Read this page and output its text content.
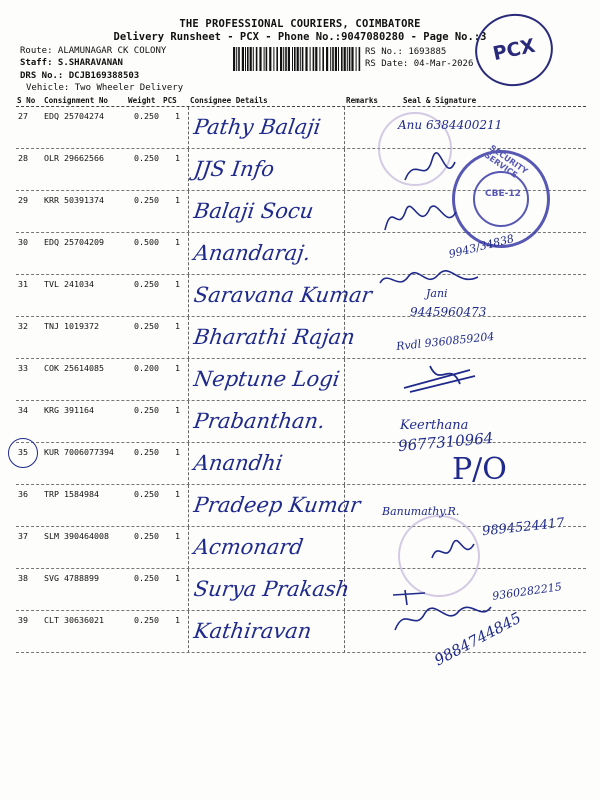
THE PROFESSIONAL COURIERS, COIMBATORE
Delivery Runsheet - PCX - Phone No.:9047080280 - Page No.:3
Route: ALAMUNAGAR CK COLONY
Staff: S.SHARAVANAN
DRS No.: DCJB169388503
Vehicle: Two Wheeler Delivery
RS No.: 1693885
RS Date: 04-Mar-2026 PCX
S No Consignment No	Weight PCS Consignee Details	Remarks	Seal & Signature
27 EDQ 25704274	0.250 1 Pathy Balaji
28 OLR 29662566	0.250 1 JJS Info
29 KRR 50391374	0.250 1 Balaji Socu
30 EDQ 25704209	0.500 1 Anandaraj.
31 TVL 241034	0.250 1 Saravana Kumar
32 TNJ 1019372	0.250 1 Bharathi Rajan
33 COK 25614085	0.200 1 Neptune Logi
34 KRG 391164	0.250 1 Prabanthan.
35 KUR 7006077394 0.250 1 Anandhi
36 TRP 1584984	0.250 1 Pradeep Kumar
37 SLM 390464008	0.250 1 Acmonard
38 SVG 4788899	0.250 1 Surya Prakash
39 CLT 30636021	0.250 1 Kathiravan
SECURITY SERVICE
CBE-12
Anu 6384400211
9943/34838
Jani
9445960473
Rvdl 9360859204
Keerthana
9677310964
P/O
Banumathy.R.
9894524417
9360282215
9884744845
